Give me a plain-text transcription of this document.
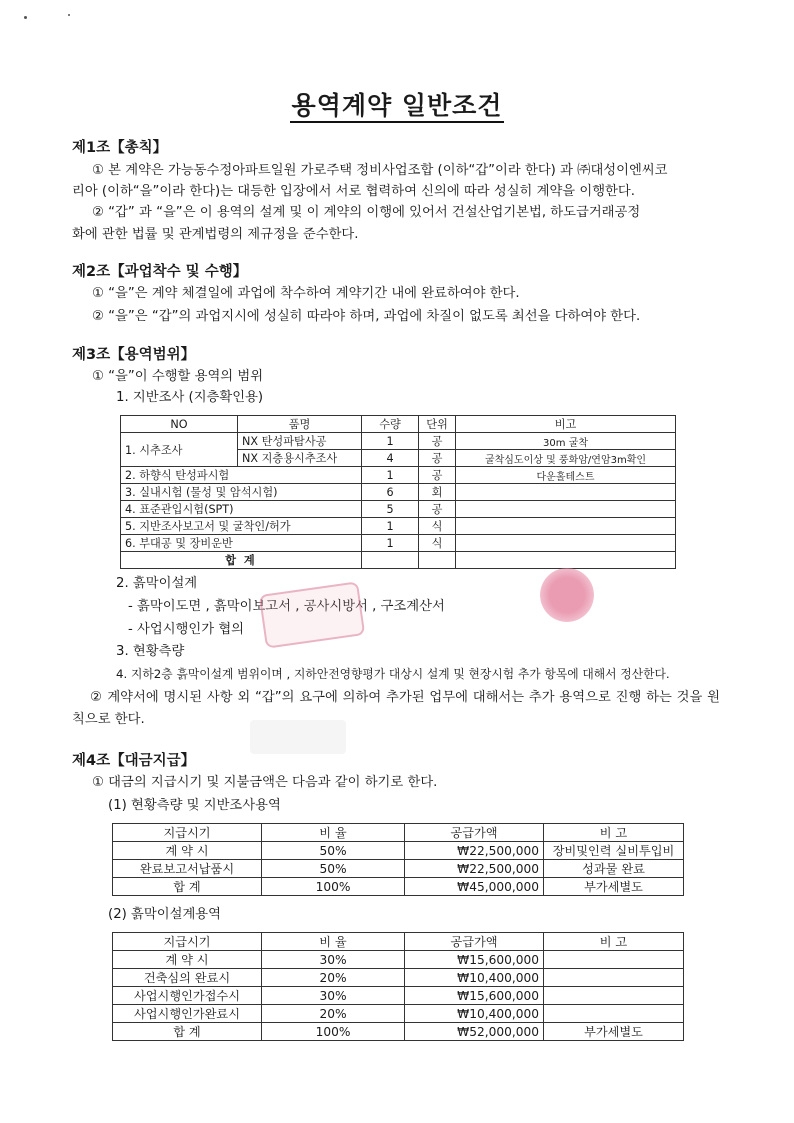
용역계약 일반조건
제1조【총칙】
① 본 계약은 가능동수정아파트일원 가로주택 정비사업조합 (이하“갑”이라 한다) 과 ㈜대성이엔씨코
리아 (이하“을”이라 한다)는 대등한 입장에서 서로 협력하여 신의에 따라 성실히 계약을 이행한다.
② “갑” 과 “을”은 이 용역의 설계 및 이 계약의 이행에 있어서 건설산업기본법, 하도급거래공정
화에 관한 법률 및 관계법령의 제규정을 준수한다.
제2조【과업착수 및 수행】
① “을”은 계약 체결일에 과업에 착수하여 계약기간 내에 완료하여야 한다.
② “을”은 “갑”의 과업지시에 성실히 따라야 하며, 과업에 차질이 없도록 최선을 다하여야 한다.
제3조【용역범위】
① “을”이 수행할 용역의 범위
1. 지반조사 (지층확인용)
NO	품명	수량	단위	비고
1. 시추조사	NX 탄성파탐사공	1	공	30m 굴착
	NX 지층용시추조사	4	공	굴착심도이상 및 풍화암/연암3m확인
2. 하향식 탄성파시험		1	공	다운홀테스트
3. 실내시험 (물성 및 암석시험)		6	회	
4. 표준관입시험(SPT)		5	공	
5. 지반조사보고서 및 굴착인/허가		1	식	
6. 부대공 및 장비운반		1	식	
합 계				
2. 흙막이설계
- 흙막이도면 , 흙막이보고서 , 공사시방서 , 구조계산서
- 사업시행인가 협의
3. 현황측량
4. 지하2층 흙막이설계 범위이며 , 지하안전영향평가 대상시 설계 및 현장시험 추가 항목에 대해서 정산한다.
② 계약서에 명시된 사항 외 “갑”의 요구에 의하여 추가된 업무에 대해서는 추가 용역으로 진행 하는 것을 원칙으로 한다.
제4조【대금지급】
① 대금의 지급시기 및 지불금액은 다음과 같이 하기로 한다.
(1) 현황측량 및 지반조사용역
지급시기	비 율	공급가액	비 고
계 약 시	50%	₩22,500,000	장비및인력 실비투입비
완료보고서납품시	50%	₩22,500,000	성과물 완료
합 계	100%	₩45,000,000	부가세별도
(2) 흙막이설계용역
지급시기	비 율	공급가액	비 고
계 약 시	30%	₩15,600,000	
건축심의 완료시	20%	₩10,400,000	
사업시행인가접수시	30%	₩15,600,000	
사업시행인가완료시	20%	₩10,400,000	
합 계	100%	₩52,000,000	부가세별도
